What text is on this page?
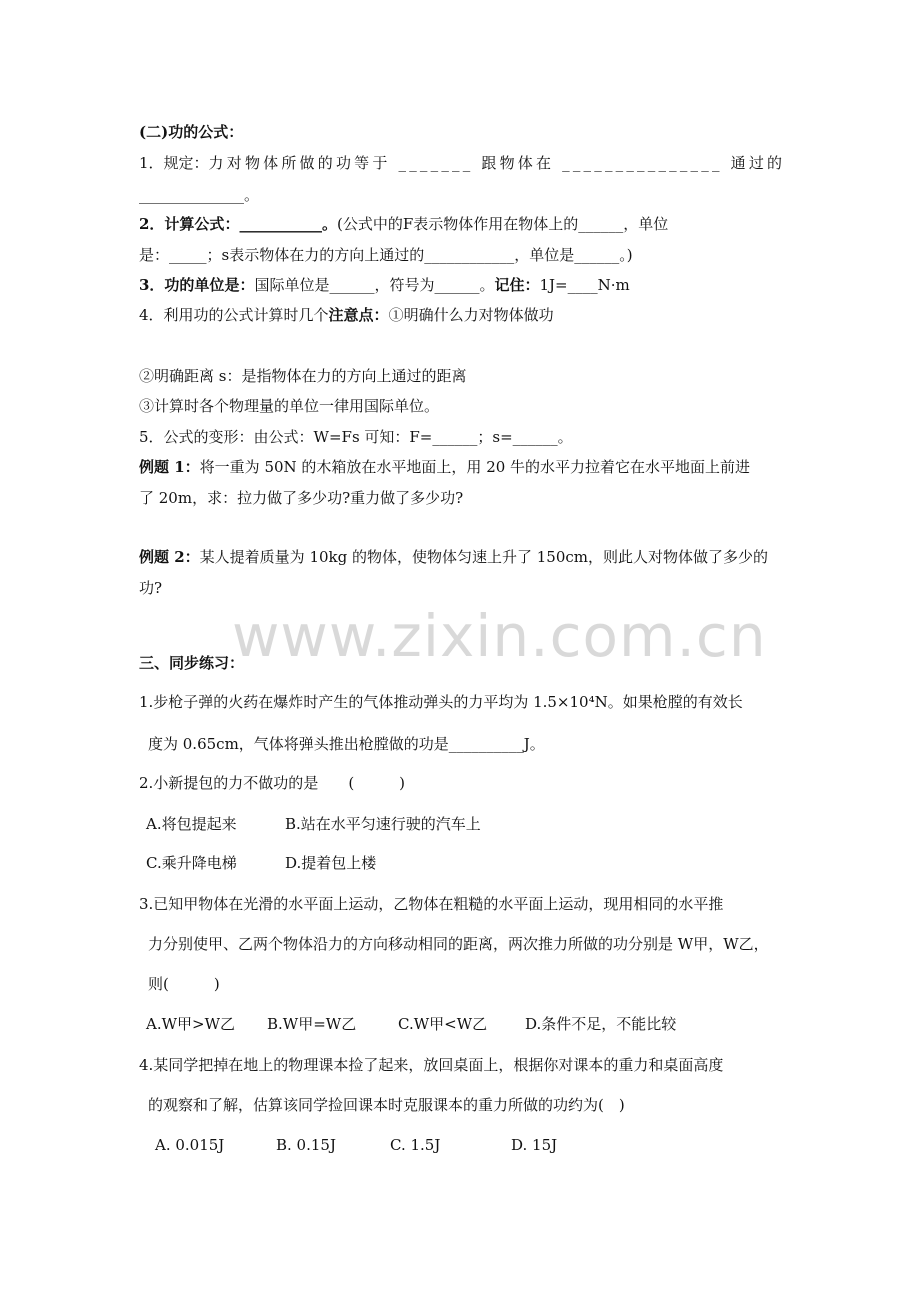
www.zixin.com.cn
(二)功的公式：
1．规定：力对物体所做的功等于 _______ 跟物体在 _______________ 通过的
______________。
2．计算公式：___________。(公式中的F表示物体作用在物体上的______，单位
是：_____；s表示物体在力的方向上通过的____________，单位是______。)
3．功的单位是：国际单位是______，符号为______。记住：1J=____N·m
4．利用功的公式计算时几个注意点：①明确什么力对物体做功
②明确距离 s：是指物体在力的方向上通过的距离
③计算时各个物理量的单位一律用国际单位。
5．公式的变形：由公式：W=Fs 可知：F=______；s=______。
例题 1：将一重为 50N 的木箱放在水平地面上，用 20 牛的水平力拉着它在水平地面上前进
了 20m，求：拉力做了多少功?重力做了多少功?
例题 2：某人提着质量为 10kg 的物体，使物体匀速上升了 150cm，则此人对物体做了多少的
功?
三、同步练习：
1.步枪子弹的火药在爆炸时产生的气体推动弹头的力平均为 1.5×10⁴N。如果枪膛的有效长
度为 0.65cm，气体将弹头推出枪膛做的功是__________J。
2.小新提包的力不做功的是　　(　　　)
A.将包提起来	B.站在水平匀速行驶的汽车上
C.乘升降电梯	D.提着包上楼
3.已知甲物体在光滑的水平面上运动，乙物体在粗糙的水平面上运动，现用相同的水平推
力分别使甲、乙两个物体沿力的方向移动相同的距离，两次推力所做的功分别是 W甲，W乙，
则(　　　)
A.W甲>W乙 B.W甲=W乙	C.W甲<W乙	D.条件不足，不能比较
4.某同学把掉在地上的物理课本捡了起来，放回桌面上，根据你对课本的重力和桌面高度
的观察和了解，估算该同学捡回课本时克服课本的重力所做的功约为(　)
A. 0.015J	B. 0.15J	C. 1.5J	D. 15J
